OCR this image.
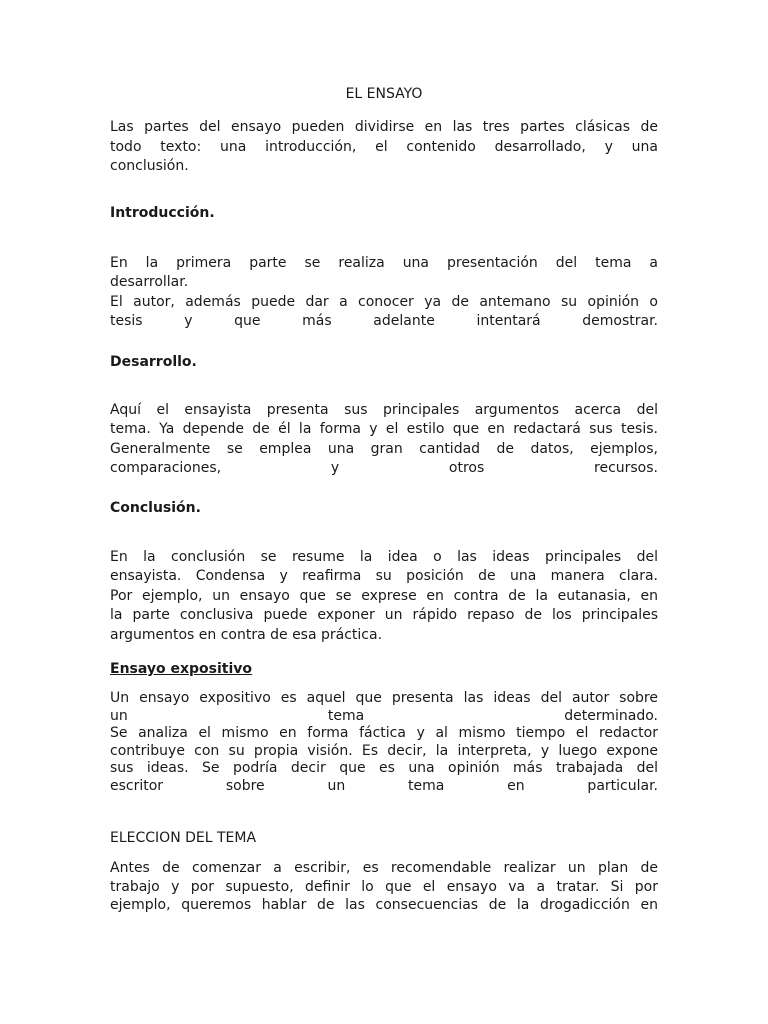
EL ENSAYO

Las partes del ensayo pueden dividirse en las tres partes clásicas de
todo texto: una introducción, el contenido desarrollado, y una
conclusión.

Introducción.

En la primera parte se realiza una presentación del tema a
desarrollar.
El autor, además puede dar a conocer ya de antemano su opinión o
tesis y que más adelante intentará demostrar.

Desarrollo.

Aquí el ensayista presenta sus principales argumentos acerca del
tema. Ya depende de él la forma y el estilo que en redactará sus tesis.
Generalmente se emplea una gran cantidad de datos, ejemplos,
comparaciones, y otros recursos.

Conclusión.

En la conclusión se resume la idea o las ideas principales del
ensayista. Condensa y reafirma su posición de una manera clara.
Por ejemplo, un ensayo que se exprese en contra de la eutanasia, en
la parte conclusiva puede exponer un rápido repaso de los principales
argumentos en contra de esa práctica.

Ensayo expositivo

Un ensayo expositivo es aquel que presenta las ideas del autor sobre
un tema determinado.
Se analiza el mismo en forma fáctica y al mismo tiempo el redactor
contribuye con su propia visión. Es decir, la interpreta, y luego expone
sus ideas. Se podría decir que es una opinión más trabajada del
escritor sobre un tema en particular.

ELECCION DEL TEMA

Antes de comenzar a escribir, es recomendable realizar un plan de
trabajo y por supuesto, definir lo que el ensayo va a tratar. Si por
ejemplo, queremos hablar de las consecuencias de la drogadicción en
